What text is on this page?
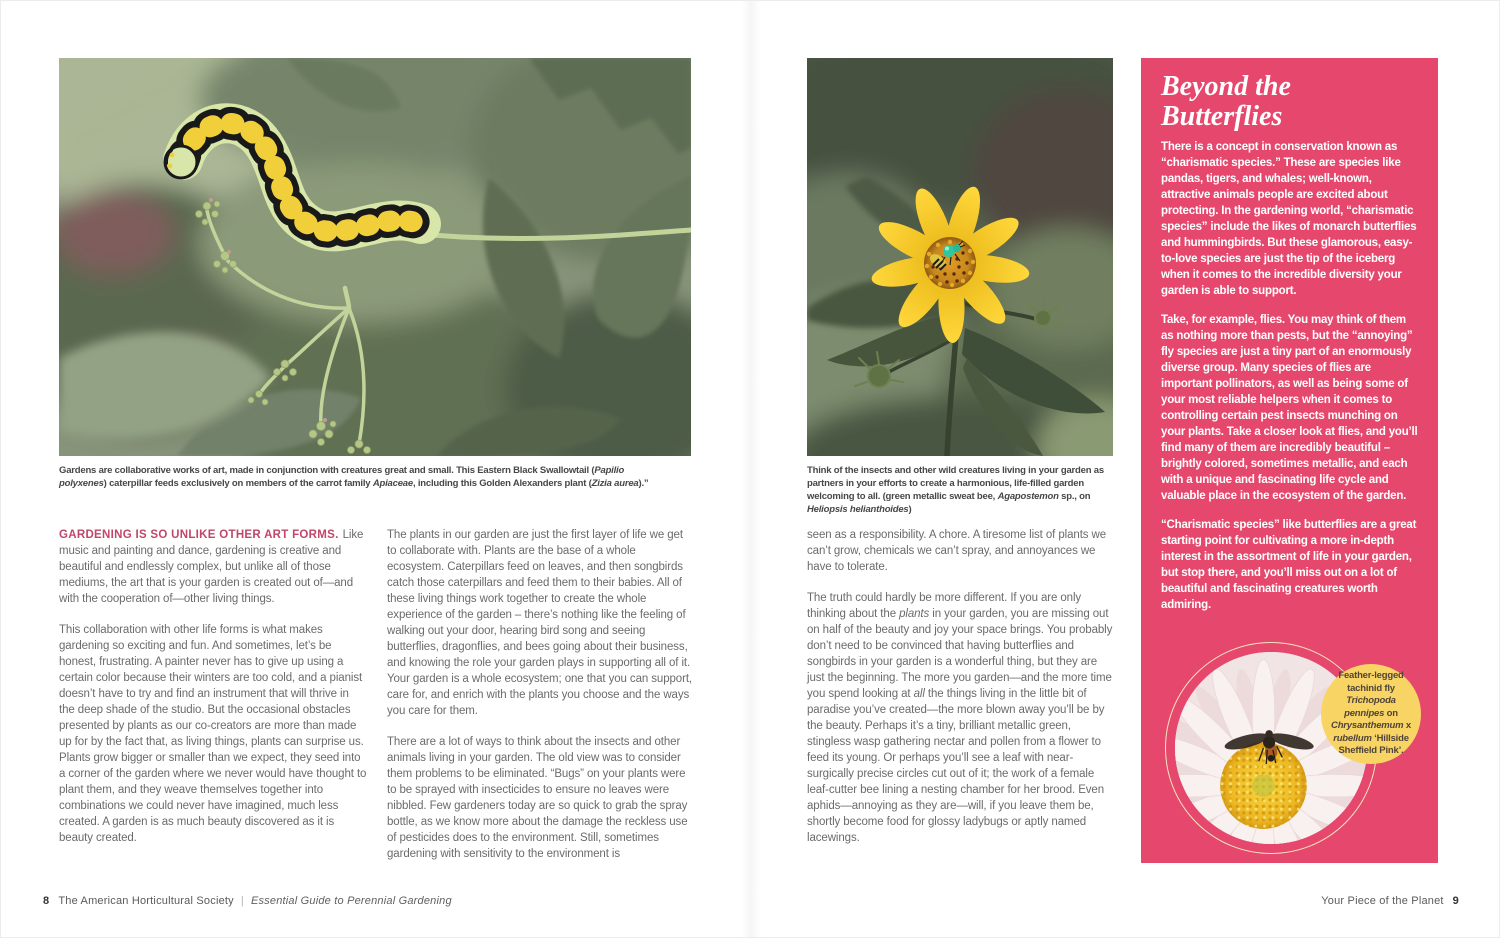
Gardens are collaborative works of art, made in conjunction with creatures great and small. This Eastern Black Swallowtail (Papilio polyxenes) caterpillar feeds exclusively on members of the carrot family Apiaceae, including this Golden Alexanders plant (Zizia aurea).”

GARDENING IS SO UNLIKE OTHER ART FORMS. Like music and painting and dance, gardening is creative and beautiful and endlessly complex, but unlike all of those mediums, the art that is your garden is created out of—and with the cooperation of—other living things.

This collaboration with other life forms is what makes gardening so exciting and fun. And sometimes, let’s be honest, frustrating. A painter never has to give up using a certain color because their winters are too cold, and a pianist doesn’t have to try and find an instrument that will thrive in the deep shade of the studio. But the occasional obstacles presented by plants as our co-creators are more than made up for by the fact that, as living things, plants can surprise us. Plants grow bigger or smaller than we expect, they seed into a corner of the garden where we never would have thought to plant them, and they weave themselves together into combinations we could never have imagined, much less created. A garden is as much beauty discovered as it is beauty created.

The plants in our garden are just the first layer of life we get to collaborate with. Plants are the base of a whole ecosystem. Caterpillars feed on leaves, and then songbirds catch those caterpillars and feed them to their babies. All of these living things work together to create the whole experience of the garden – there’s nothing like the feeling of walking out your door, hearing bird song and seeing butterflies, dragonflies, and bees going about their business, and knowing the role your garden plays in supporting all of it. Your garden is a whole ecosystem; one that you can support, care for, and enrich with the plants you choose and the ways you care for them.

There are a lot of ways to think about the insects and other animals living in your garden. The old view was to consider them problems to be eliminated. “Bugs” on your plants were to be sprayed with insecticides to ensure no leaves were nibbled. Few gardeners today are so quick to grab the spray bottle, as we know more about the damage the reckless use of pesticides does to the environment. Still, sometimes gardening with sensitivity to the environment is

Think of the insects and other wild creatures living in your garden as partners in your efforts to create a harmonious, life-filled garden welcoming to all. (green metallic sweat bee, Agapostemon sp., on Heliopsis helianthoides)

seen as a responsibility. A chore. A tiresome list of plants we can’t grow, chemicals we can’t spray, and annoyances we have to tolerate.

The truth could hardly be more different. If you are only thinking about the plants in your garden, you are missing out on half of the beauty and joy your space brings. You probably don’t need to be convinced that having butterflies and songbirds in your garden is a wonderful thing, but they are just the beginning. The more you garden—and the more time you spend looking at all the things living in the little bit of paradise you’ve created—the more blown away you’ll be by the beauty. Perhaps it’s a tiny, brilliant metallic green, stingless wasp gathering nectar and pollen from a flower to feed its young. Or perhaps you’ll see a leaf with near-surgically precise circles cut out of it; the work of a female leaf-cutter bee lining a nesting chamber for her brood. Even aphids—annoying as they are—will, if you leave them be, shortly become food for glossy ladybugs or aptly named lacewings.

Beyond the Butterflies

There is a concept in conservation known as “charismatic species.” These are species like pandas, tigers, and whales; well-known, attractive animals people are excited about protecting. In the gardening world, “charismatic species” include the likes of monarch butterflies and hummingbirds. But these glamorous, easy-to-love species are just the tip of the iceberg when it comes to the incredible diversity your garden is able to support.

Take, for example, flies. You may think of them as nothing more than pests, but the “annoying” fly species are just a tiny part of an enormously diverse group. Many species of flies are important pollinators, as well as being some of your most reliable helpers when it comes to controlling certain pest insects munching on your plants. Take a closer look at flies, and you’ll find many of them are incredibly beautiful – brightly colored, sometimes metallic, and each with a unique and fascinating life cycle and valuable place in the ecosystem of the garden.

“Charismatic species” like butterflies are a great starting point for cultivating a more in-depth interest in the assortment of life in your garden, but stop there, and you’ll miss out on a lot of beautiful and fascinating creatures worth admiring.

Feather-legged tachinid fly Trichopoda pennipes on Chrysanthemum x rubellum ‘Hillside Sheffield Pink’.
8 The American Horticultural Society | Essential Guide to Perennial Gardening	Your Piece of the Planet 9
